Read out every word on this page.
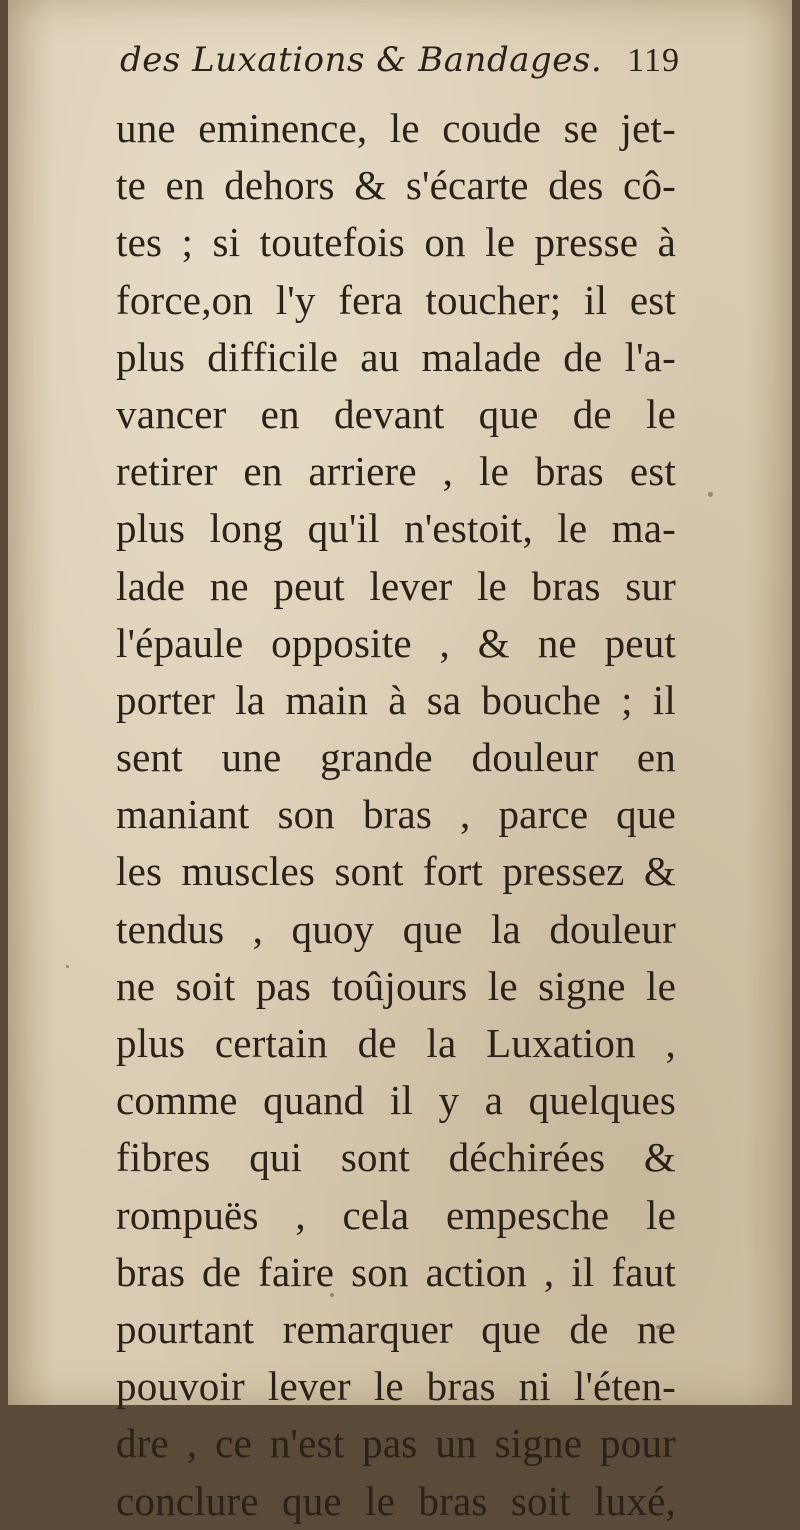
des Luxations & Bandages. 119
une eminence, le coude se jet-
te en dehors & s'écarte des cô-
tes ; si toutefois on le presse à
force,on l'y fera toucher; il est
plus difficile au malade de l'a-
vancer en devant que de le
retirer en arriere , le bras est
plus long qu'il n'estoit, le ma-
lade ne peut lever le bras sur
l'épaule opposite , & ne peut
porter la main à sa bouche ; il
sent une grande douleur en
maniant son bras , parce que
les muscles sont fort pressez &
tendus , quoy que la douleur
ne soit pas toûjours le signe le
plus certain de la Luxation ,
comme quand il y a quelques
fibres qui sont déchirées &
rompuës , cela empesche le
bras de faire son action , il faut
pourtant remarquer que de ne
pouvoir lever le bras ni l'éten-
dre , ce n'est pas un signe pour
conclure que le bras soit luxé,
